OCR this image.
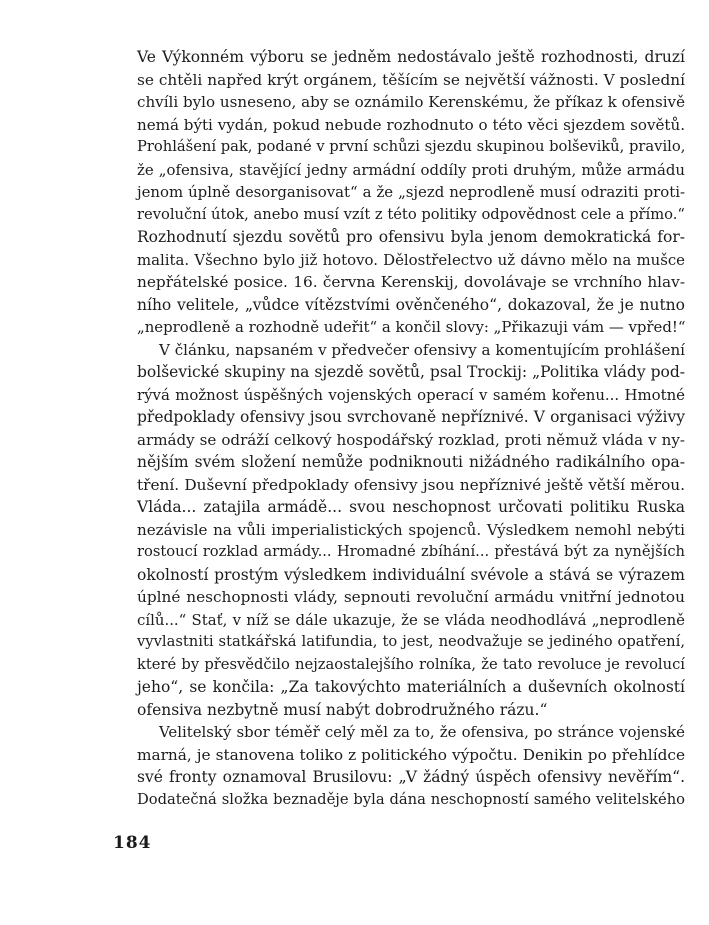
Ve Výkonném výboru se jedněm nedostávalo ještě rozhodnosti, druzí
se chtěli napřed krýt orgánem, těšícím se největší vážnosti. V poslední
chvíli bylo usneseno, aby se oznámilo Kerenskému, že příkaz k ofensivě
nemá býti vydán, pokud nebude rozhodnuto o této věci sjezdem sovětů.
Prohlášení pak, podané v první schůzi sjezdu skupinou bolševiků, pravilo,
že „ofensiva, stavějící jedny armádní oddíly proti druhým, může armádu
jenom úplně desorganisovat“ a že „sjezd neprodleně musí odraziti proti-
revoluční útok, anebo musí vzít z této politiky odpovědnost cele a přímo.“
Rozhodnutí sjezdu sovětů pro ofensivu byla jenom demokratická for-
malita. Všechno bylo již hotovo. Dělostřelectvo už dávno mělo na mušce
nepřátelské posice. 16. června Kerenskij, dovolávaje se vrchního hlav-
ního velitele, „vůdce vítězstvími ověnčeného“, dokazoval, že je nutno
„neprodleně a rozhodně udeřit“ a končil slovy: „Přikazuji vám — vpřed!“
V článku, napsaném v předvečer ofensivy a komentujícím prohlášení
bolševické skupiny na sjezdě sovětů, psal Trockij: „Politika vlády pod-
rývá možnost úspěšných vojenských operací v samém kořenu... Hmotné
předpoklady ofensivy jsou svrchovaně nepříznivé. V organisaci výživy
armády se odráží celkový hospodářský rozklad, proti němuž vláda v ny-
nějším svém složení nemůže podniknouti nižádného radikálního opa-
tření. Duševní předpoklady ofensivy jsou nepříznivé ještě větší měrou.
Vláda... zatajila armádě... svou neschopnost určovati politiku Ruska
nezávisle na vůli imperialistických spojenců. Výsledkem nemohl nebýti
rostoucí rozklad armády... Hromadné zbíhání... přestává být za nynějších
okolností prostým výsledkem individuální svévole a stává se výrazem
úplné neschopnosti vlády, sepnouti revoluční armádu vnitřní jednotou
cílů...“ Stať, v níž se dále ukazuje, že se vláda neodhodlává „neprodleně
vyvlastniti statkářská latifundia, to jest, neodvažuje se jediného opatření,
které by přesvědčilo nejzaostalejšího rolníka, že tato revoluce je revolucí
jeho“, se končila: „Za takovýchto materiálních a duševních okolností
ofensiva nezbytně musí nabýt dobrodružného rázu.“
Velitelský sbor téměř celý měl za to, že ofensiva, po stránce vojenské
marná, je stanovena toliko z politického výpočtu. Denikin po přehlídce
své fronty oznamoval Brusilovu: „V žádný úspěch ofensivy nevěřím“.
Dodatečná složka beznaděje byla dána neschopností samého velitelského
184
